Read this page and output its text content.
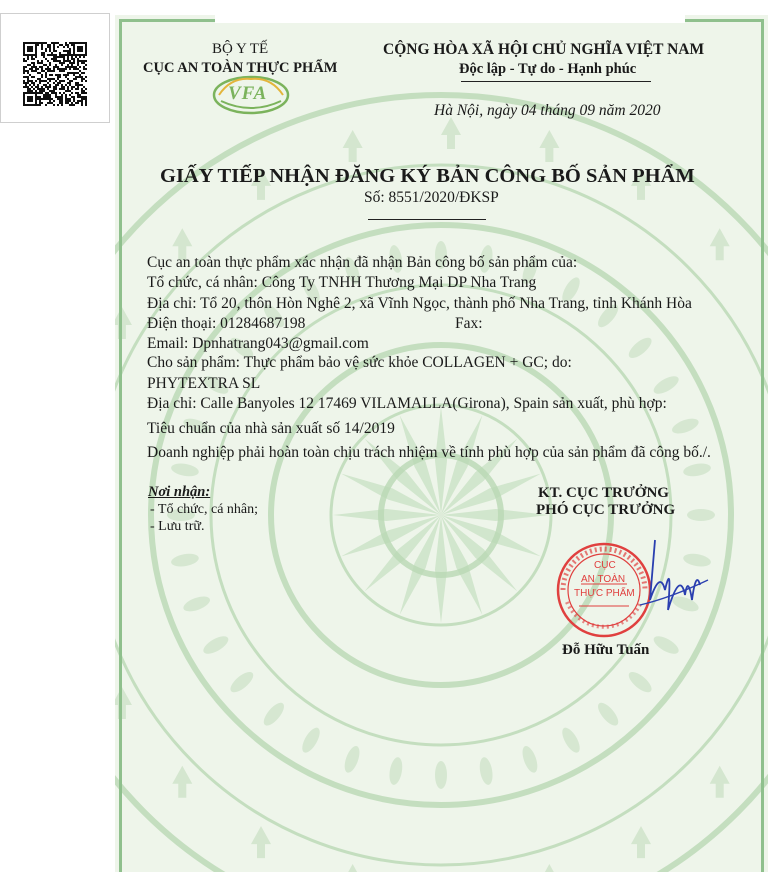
BỘ Y TẾ
CỤC AN TOÀN THỰC PHẨM
VFA
CỘNG HÒA XÃ HỘI CHỦ NGHĨA VIỆT NAM
Độc lập - Tự do - Hạnh phúc
Hà Nội, ngày 04 tháng 09 năm 2020
GIẤY TIẾP NHẬN ĐĂNG KÝ BẢN CÔNG BỐ SẢN PHẨM
Số: 8551/2020/ĐKSP
Cục an toàn thực phẩm xác nhận đã nhận Bản công bố sản phẩm của:
Tổ chức, cá nhân: Công Ty TNHH Thương Mại DP Nha Trang
Địa chỉ: Tổ 20, thôn Hòn Nghê 2, xã Vĩnh Ngọc, thành phố Nha Trang, tỉnh Khánh Hòa
Điện thoại: 01284687198	Fax:
Email: Dpnhatrang043@gmail.com
Cho sản phẩm: Thực phẩm bảo vệ sức khỏe COLLAGEN + GC; do:
PHYTEXTRA SL
Địa chỉ: Calle Banyoles 12 17469 VILAMALLA(Girona), Spain sản xuất, phù hợp:
Tiêu chuẩn của nhà sản xuất số 14/2019
Doanh nghiệp phải hoàn toàn chịu trách nhiệm về tính phù hợp của sản phẩm đã công bố./.
Nơi nhận:
- Tổ chức, cá nhân;
- Lưu trữ.
KT. CỤC TRƯỞNG
PHÓ CỤC TRƯỞNG
CỤC
AN TOÀN
THỰC PHẨM
Đỗ Hữu Tuấn
